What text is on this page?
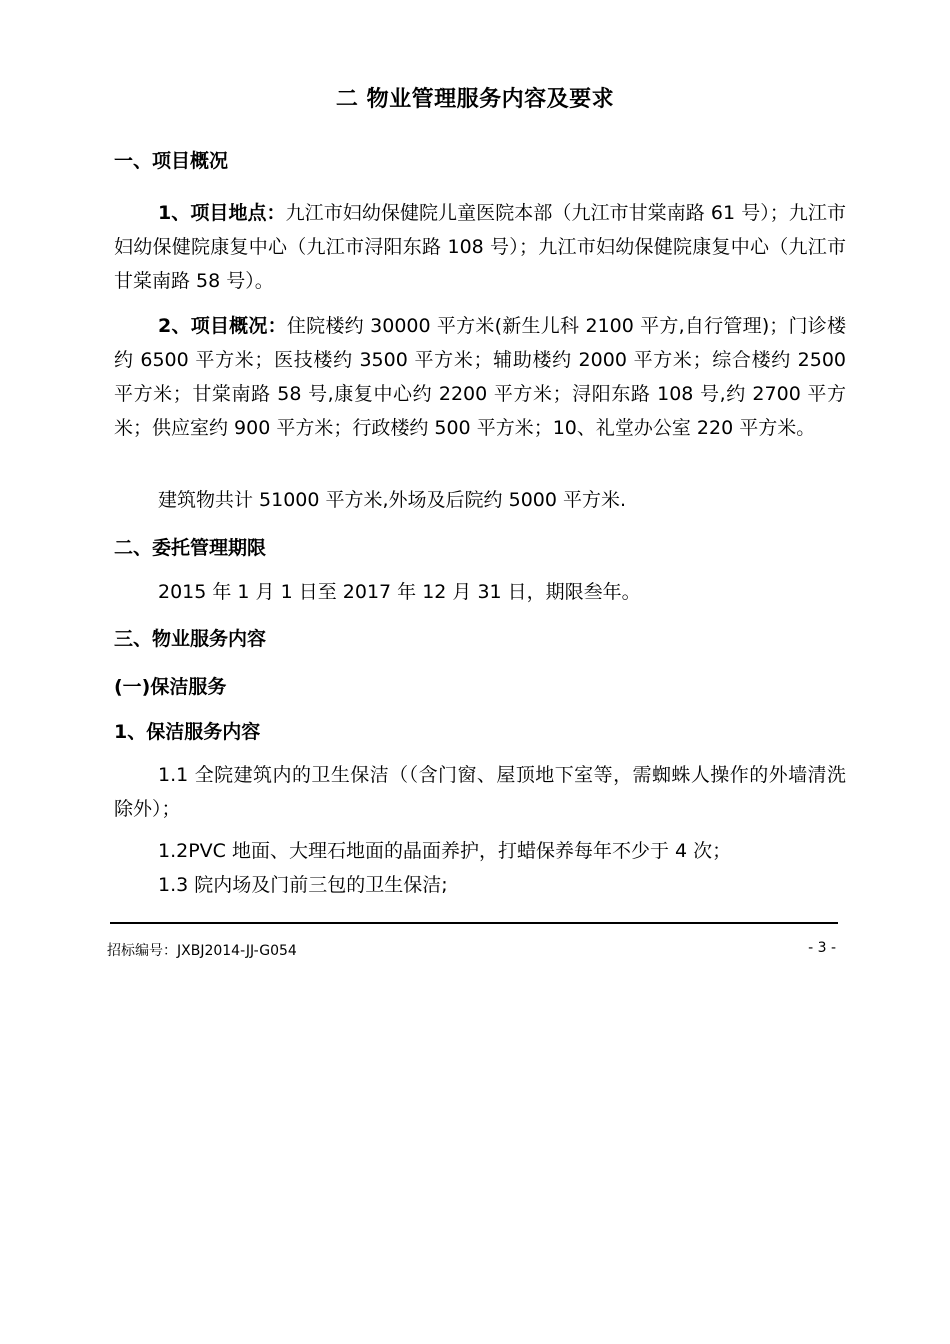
二 物业管理服务内容及要求
一、项目概况
1、项目地点：九江市妇幼保健院儿童医院本部（九江市甘棠南路 61 号）；九江市妇幼保健院康复中心（九江市浔阳东路 108 号）；九江市妇幼保健院康复中心（九江市甘棠南路 58 号）。
2、项目概况：住院楼约 30000 平方米(新生儿科 2100 平方,自行管理)；门诊楼约 6500 平方米；医技楼约 3500 平方米；辅助楼约 2000 平方米；综合楼约 2500 平方米；甘棠南路 58 号,康复中心约 2200 平方米；浔阳东路 108 号,约 2700 平方米；供应室约 900 平方米；行政楼约 500 平方米；10、礼堂办公室 220 平方米。
建筑物共计 51000 平方米,外场及后院约 5000 平方米.
二、委托管理期限
2015 年 1 月 1 日至 2017 年 12 月 31 日，期限叁年。
三、物业服务内容
(一)保洁服务
1、保洁服务内容
1.1 全院建筑内的卫生保洁（（含门窗、屋顶地下室等，需蜘蛛人操作的外墙清洗除外）；
1.2PVC 地面、大理石地面的晶面养护，打蜡保养每年不少于 4 次；
1.3 院内场及门前三包的卫生保洁;
招标编号：JXBJ2014-JJ-G054	- 3 -
